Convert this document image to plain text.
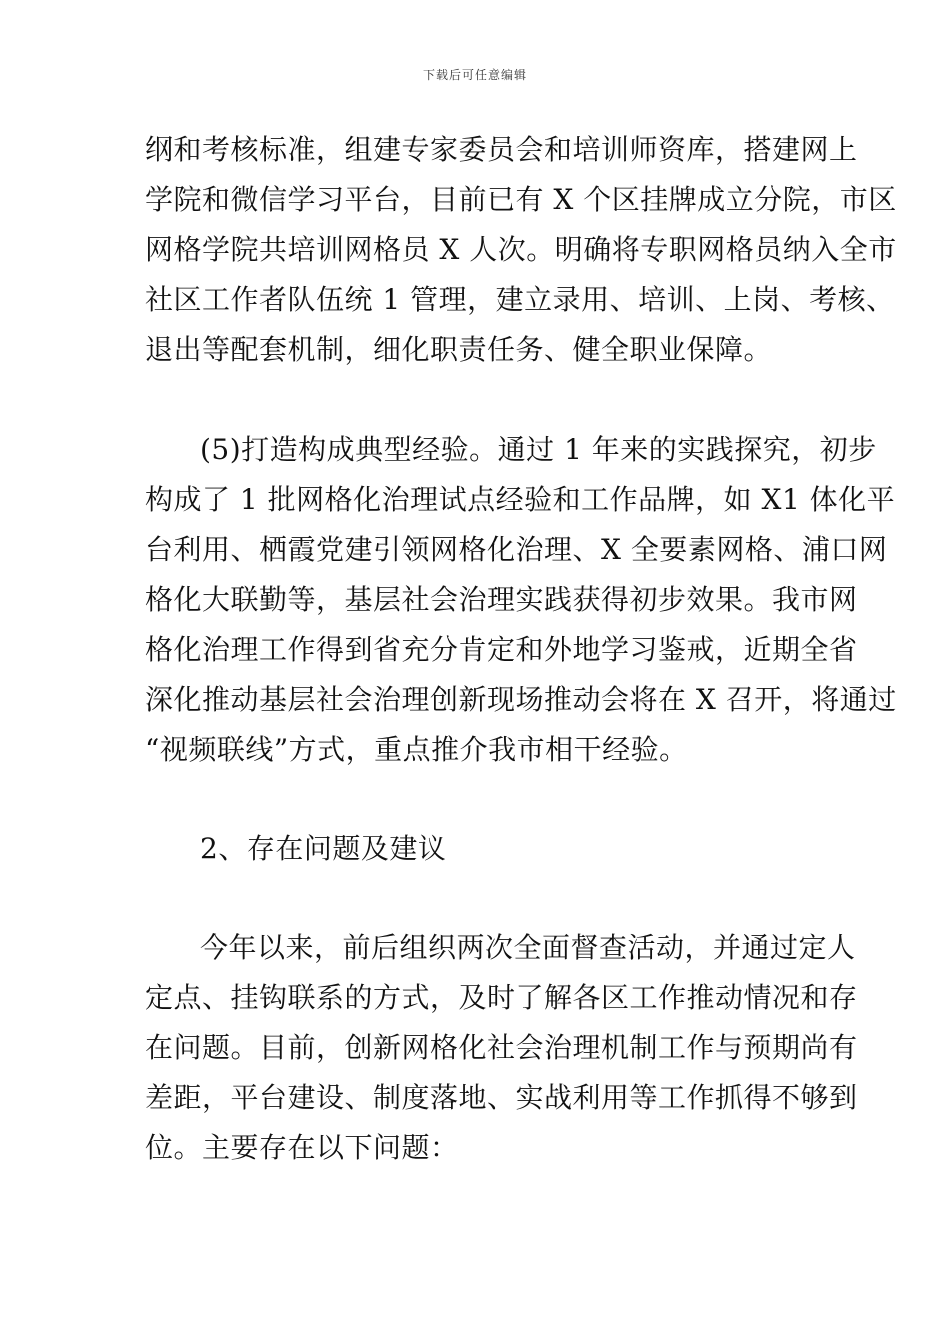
下载后可任意编辑
纲和考核标准，组建专家委员会和培训师资库，搭建网上
学院和微信学习平台，目前已有 X 个区挂牌成立分院，市区
网格学院共培训网格员 X 人次。明确将专职网格员纳入全市
社区工作者队伍统 1 管理，建立录用、培训、上岗、考核、
退出等配套机制，细化职责任务、健全职业保障。
(5)打造构成典型经验。通过 1 年来的实践探究，初步
构成了 1 批网格化治理试点经验和工作品牌，如 X1 体化平
台利用、栖霞党建引领网格化治理、X 全要素网格、浦口网
格化大联勤等，基层社会治理实践获得初步效果。我市网
格化治理工作得到省充分肯定和外地学习鉴戒，近期全省
深化推动基层社会治理创新现场推动会将在 X 召开，将通过
“视频联线”方式，重点推介我市相干经验。
2、存在问题及建议
今年以来，前后组织两次全面督查活动，并通过定人
定点、挂钩联系的方式，及时了解各区工作推动情况和存
在问题。目前，创新网格化社会治理机制工作与预期尚有
差距，平台建设、制度落地、实战利用等工作抓得不够到
位。主要存在以下问题：
